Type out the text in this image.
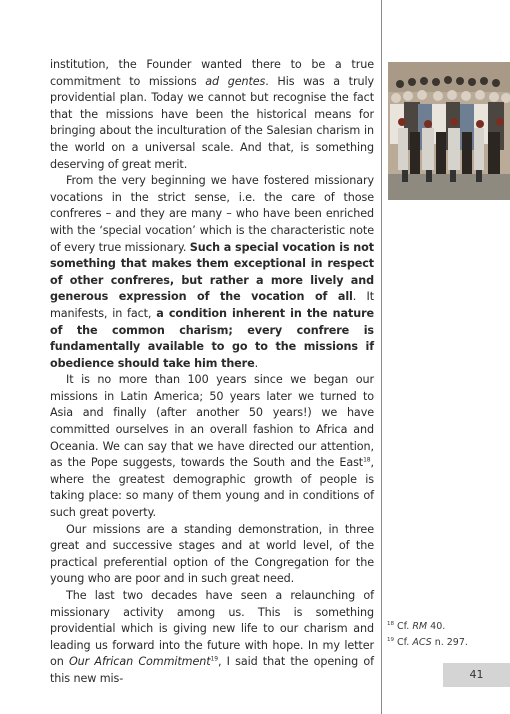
institution, the Founder wanted there to be a true commitment to missions ad gentes. His was a truly providential plan. Today we cannot but recognise the fact that the missions have been the historical means for bringing about the inculturation of the Salesian charism in the world on a universal scale. And that, is something deserving of great merit.

From the very beginning we have fostered missionary vocations in the strict sense, i.e. the care of those confreres – and they are many – who have been enriched with the ‘special vocation’ which is the characteristic note of every true missionary. Such a special vocation is not something that makes them exceptional in respect of other confreres, but rather a more lively and generous expression of the vocation of all. It manifests, in fact, a condition inherent in the nature of the common charism; every confrere is fundamentally available to go to the missions if obedience should take him there.

It is no more than 100 years since we began our missions in Latin America; 50 years later we turned to Asia and finally (after another 50 years!) we have committed ourselves in an overall fashion to Africa and Oceania. We can say that we have directed our attention, as the Pope suggests, towards the South and the East$^{18}$, where the greatest demographic growth of people is taking place: so many of them young and in conditions of such great poverty.

Our missions are a standing demonstration, in three great and successive stages and at world level, of the practical preferential option of the Congregation for the young who are poor and in such great need.

The last two decades have seen a relaunching of missionary activity among us. This is something providential which is giving new life to our charism and leading us forward into the future with hope. In my letter on Our African Commitment$^{19}$, I said that the opening of this new mis-

$^{18}$ Cf. RM 40.
$^{19}$ Cf. ACS n. 297.
41
